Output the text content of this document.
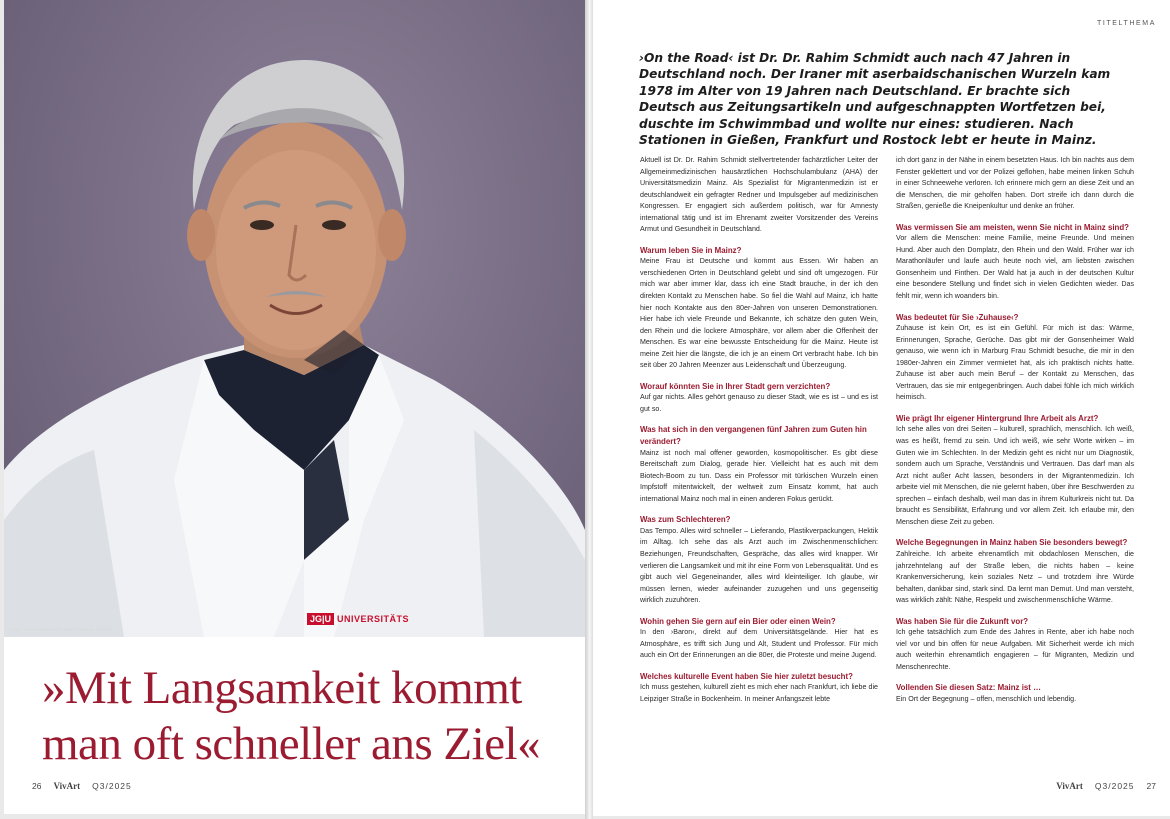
Foto: Universitätsmedizin Mainz / Markus Schmidt
JG|U UNIVERSITÄTS
»Mit Langsamkeit kommt
man oft schneller ans Ziel«
26 VivArt Q3/2025
TITELTHEMA
›On the Road‹ ist Dr. Dr. Rahim Schmidt auch nach 47 Jahren in Deutschland noch. Der Iraner mit aserbaidschanischen Wurzeln kam 1978 im Alter von 19 Jahren nach Deutschland. Er brachte sich Deutsch aus Zeitungsartikeln und aufgeschnappten Wortfetzen bei, duschte im Schwimmbad und wollte nur eines: studieren. Nach Stationen in Gießen, Frankfurt und Rostock lebt er heute in Mainz.

Aktuell ist Dr. Dr. Rahim Schmidt stellvertretender fachärztlicher Leiter der Allgemeinmedizinischen hausärztlichen Hochschulambulanz (AHA) der Universitätsmedizin Mainz. Als Spezialist für Migrantenmedizin ist er deutschlandweit ein gefragter Redner und Impulsgeber auf medizinischen Kongressen. Er engagiert sich außerdem politisch, war für Amnesty international tätig und ist im Ehrenamt zweiter Vorsitzender des Vereins Armut und Gesundheit in Deutschland.

Warum leben Sie in Mainz?

Meine Frau ist Deutsche und kommt aus Essen. Wir haben an verschiedenen Orten in Deutschland gelebt und sind oft umgezogen. Für mich war aber immer klar, dass ich eine Stadt brauche, in der ich den direkten Kontakt zu Menschen habe. So fiel die Wahl auf Mainz, ich hatte hier noch Kontakte aus den 80er-Jahren von unseren Demonstrationen. Hier habe ich viele Freunde und Bekannte, ich schätze den guten Wein, den Rhein und die lockere Atmosphäre, vor allem aber die Offenheit der Menschen. Es war eine bewusste Entscheidung für die Mainz. Heute ist meine Zeit hier die längste, die ich je an einem Ort verbracht habe. Ich bin seit über 20 Jahren Meenzer aus Leidenschaft und Überzeugung.

Worauf könnten Sie in Ihrer Stadt gern verzichten?

Auf gar nichts. Alles gehört genauso zu dieser Stadt, wie es ist – und es ist gut so.

Was hat sich in den vergangenen fünf Jahren zum Guten hin verändert?

Mainz ist noch mal offener geworden, kosmopolitischer. Es gibt diese Bereitschaft zum Dialog, gerade hier. Vielleicht hat es auch mit dem Biotech-Boom zu tun. Dass ein Professor mit türkischen Wurzeln einen Impfstoff mitentwickelt, der weltweit zum Einsatz kommt, hat auch international Mainz noch mal in einen anderen Fokus gerückt.

Was zum Schlechteren?

Das Tempo. Alles wird schneller – Lieferando, Plastikverpackungen, Hektik im Alltag. Ich sehe das als Arzt auch im Zwischenmenschlichen: Beziehungen, Freundschaften, Gespräche, das alles wird knapper. Wir verlieren die Langsamkeit und mit ihr eine Form von Lebensqualität. Und es gibt auch viel Gegeneinander, alles wird kleinteiliger. Ich glaube, wir müssen lernen, wieder aufeinander zuzugehen und uns gegenseitig wirklich zuzuhören.

Wohin gehen Sie gern auf ein Bier oder einen Wein?

In den ›Baron‹, direkt auf dem Universitätsgelände. Hier hat es Atmosphäre, es trifft sich Jung und Alt, Student und Professor. Für mich auch ein Ort der Erinnerungen an die 80er, die Proteste und meine Jugend.

Welches kulturelle Event haben Sie hier zuletzt besucht?

Ich muss gestehen, kulturell zieht es mich eher nach Frankfurt, ich liebe die Leipziger Straße in Bockenheim. In meiner Anfangszeit lebte

ich dort ganz in der Nähe in einem besetzten Haus. Ich bin nachts aus dem Fenster geklettert und vor der Polizei geflohen, habe meinen linken Schuh in einer Schneewehe verloren. Ich erinnere mich gern an diese Zeit und an die Menschen, die mir geholfen haben. Dort streife ich dann durch die Straßen, genieße die Kneipenkultur und denke an früher.

Was vermissen Sie am meisten, wenn Sie nicht in Mainz sind?

Vor allem die Menschen: meine Familie, meine Freunde. Und meinen Hund. Aber auch den Domplatz, den Rhein und den Wald. Früher war ich Marathonläufer und laufe auch heute noch viel, am liebsten zwischen Gonsenheim und Finthen. Der Wald hat ja auch in der deutschen Kultur eine besondere Stellung und findet sich in vielen Gedichten wieder. Das fehlt mir, wenn ich woanders bin.

Was bedeutet für Sie ›Zuhause‹?

Zuhause ist kein Ort, es ist ein Gefühl. Für mich ist das: Wärme, Erinnerungen, Sprache, Gerüche. Das gibt mir der Gonsenheimer Wald genauso, wie wenn ich in Marburg Frau Schmidt besuche, die mir in den 1980er-Jahren ein Zimmer vermietet hat, als ich praktisch nichts hatte. Zuhause ist aber auch mein Beruf – der Kontakt zu Menschen, das Vertrauen, das sie mir entgegenbringen. Auch dabei fühle ich mich wirklich heimisch.

Wie prägt Ihr eigener Hintergrund Ihre Arbeit als Arzt?

Ich sehe alles von drei Seiten – kulturell, sprachlich, menschlich. Ich weiß, was es heißt, fremd zu sein. Und ich weiß, wie sehr Worte wirken – im Guten wie im Schlechten. In der Medizin geht es nicht nur um Diagnostik, sondern auch um Sprache, Verständnis und Vertrauen. Das darf man als Arzt nicht außer Acht lassen, besonders in der Migrantenmedizin. Ich arbeite viel mit Menschen, die nie gelernt haben, über ihre Beschwerden zu sprechen – einfach deshalb, weil man das in ihrem Kulturkreis nicht tut. Da braucht es Sensibilität, Erfahrung und vor allem Zeit. Ich erlaube mir, den Menschen diese Zeit zu geben.

Welche Begegnungen in Mainz haben Sie besonders bewegt?

Zahlreiche. Ich arbeite ehrenamtlich mit obdachlosen Menschen, die jahrzehntelang auf der Straße leben, die nichts haben – keine Krankenversicherung, kein soziales Netz – und trotzdem ihre Würde behalten, dankbar sind, stark sind. Da lernt man Demut. Und man versteht, was wirklich zählt: Nähe, Respekt und zwischenmenschliche Wärme.

Was haben Sie für die Zukunft vor?

Ich gehe tatsächlich zum Ende des Jahres in Rente, aber ich habe noch viel vor und bin offen für neue Aufgaben. Mit Sicherheit werde ich mich auch weiterhin ehrenamtlich engagieren – für Migranten, Medizin und Menschenrechte.

Vollenden Sie diesen Satz: Mainz ist …

Ein Ort der Begegnung – offen, menschlich und lebendig.

VivArt Q3/2025 27
